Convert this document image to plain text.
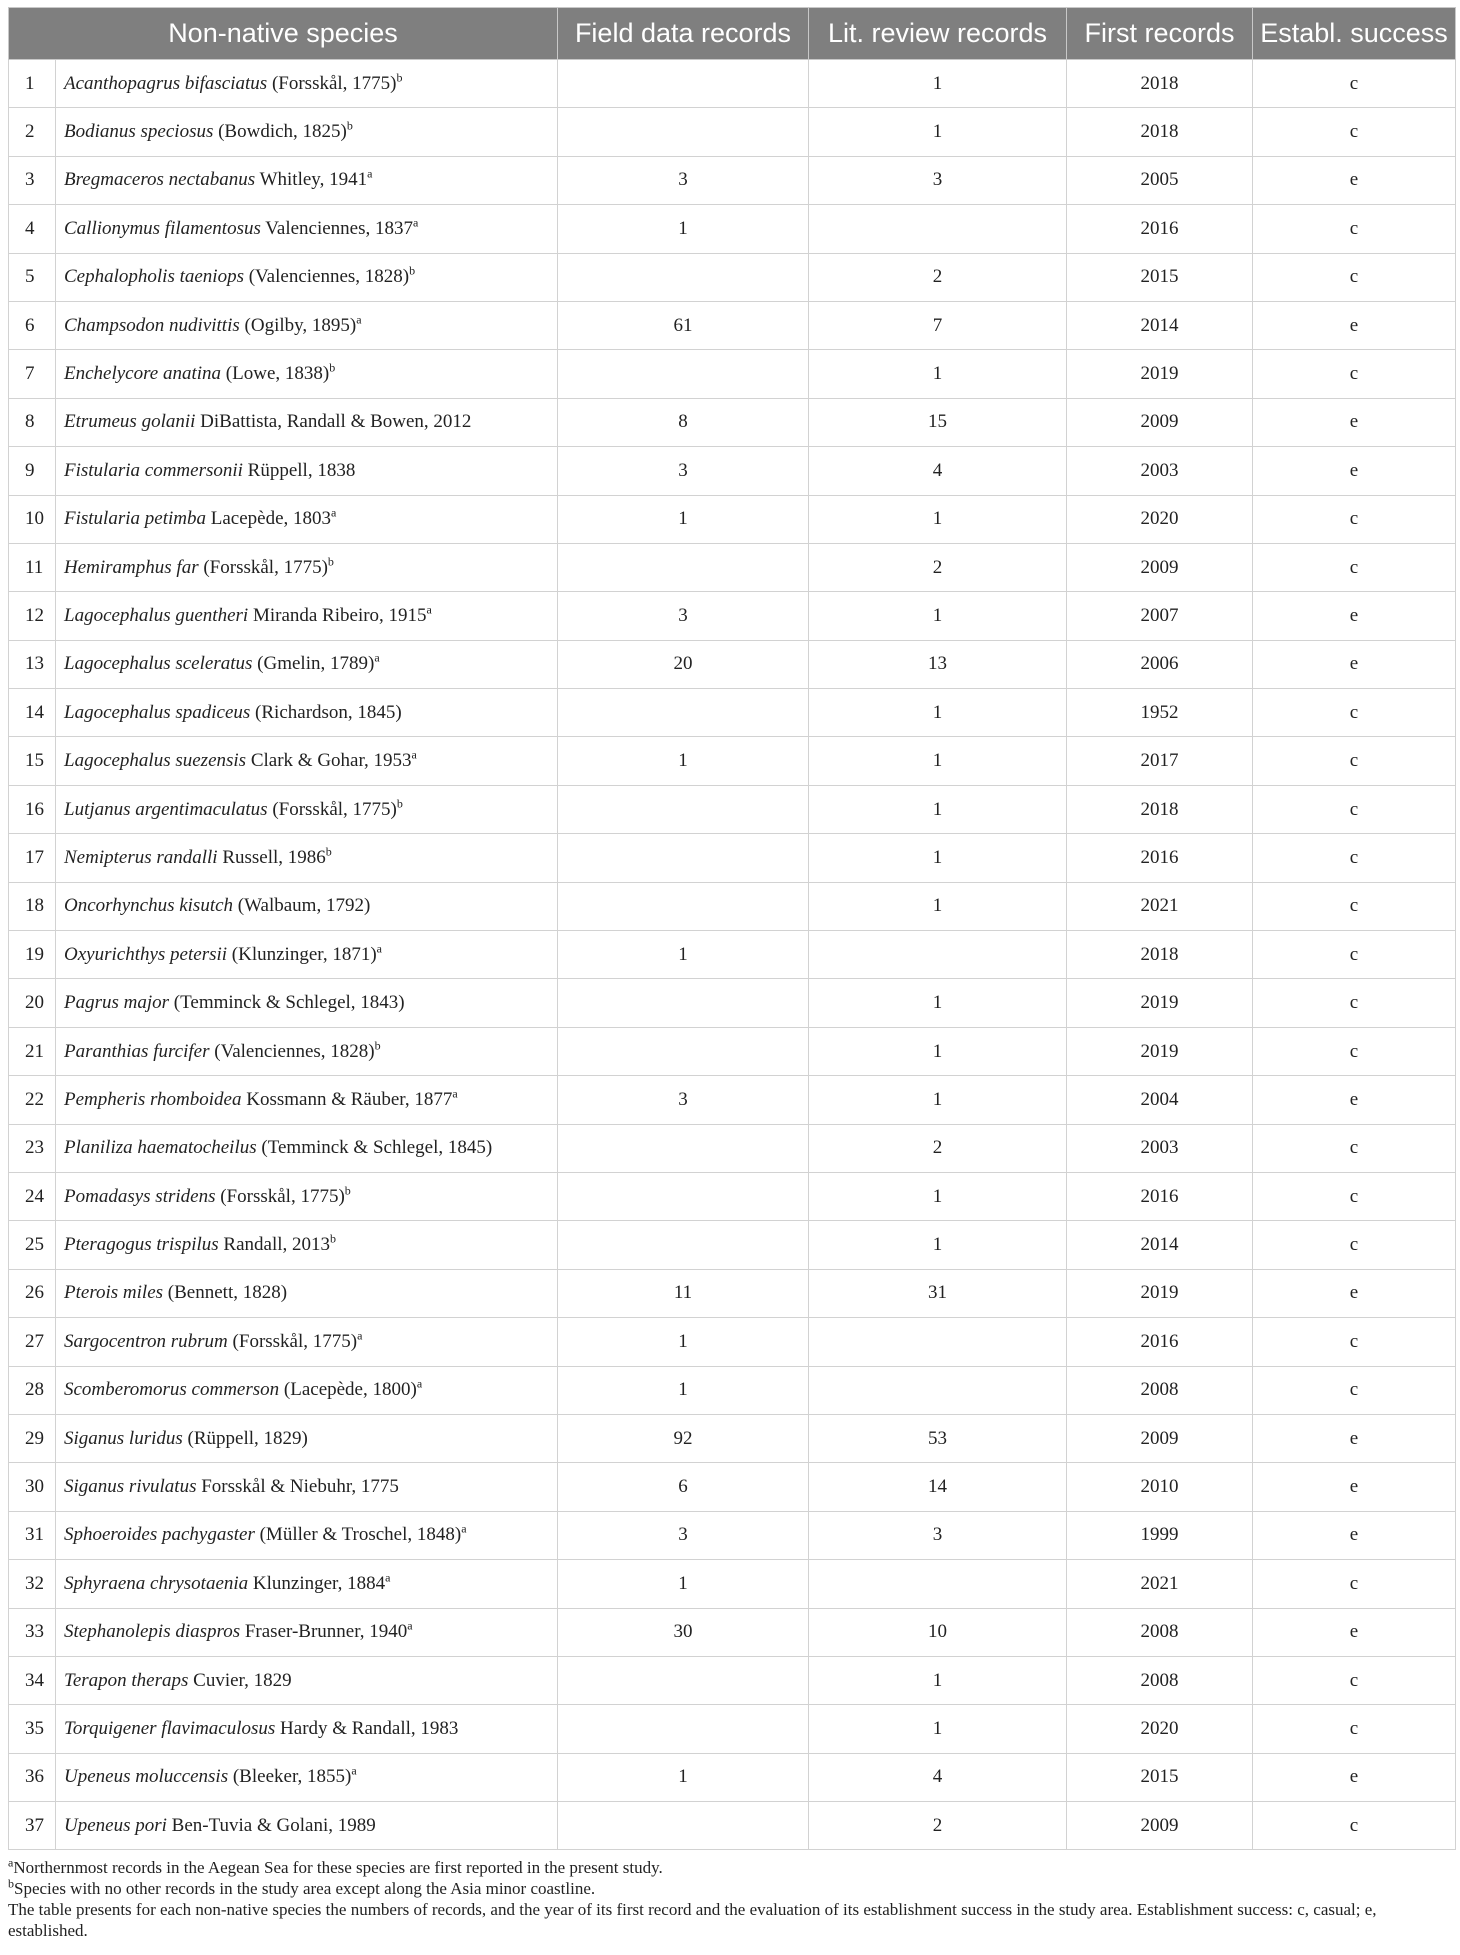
Non-native species		Field data records	Lit. review records	First records	Establ. success
1	Acanthopagrus bifasciatus (Forsskål, 1775)$^b$		1	2018	c
2	Bodianus speciosus (Bowdich, 1825)$^b$		1	2018	c
3	Bregmaceros nectabanus Whitley, 1941$^a$	3	3	2005	e
4	Callionymus filamentosus Valenciennes, 1837$^a$	1		2016	c
5	Cephalopholis taeniops (Valenciennes, 1828)$^b$		2	2015	c
6	Champsodon nudivittis (Ogilby, 1895)$^a$	61	7	2014	e
7	Enchelycore anatina (Lowe, 1838)$^b$		1	2019	c
8	Etrumeus golanii DiBattista, Randall & Bowen, 2012	8	15	2009	e
9	Fistularia commersonii Rüppell, 1838	3	4	2003	e
10	Fistularia petimba Lacepède, 1803$^a$	1	1	2020	c
11	Hemiramphus far (Forsskål, 1775)$^b$		2	2009	c
12	Lagocephalus guentheri Miranda Ribeiro, 1915$^a$	3	1	2007	e
13	Lagocephalus sceleratus (Gmelin, 1789)$^a$	20	13	2006	e
14	Lagocephalus spadiceus (Richardson, 1845)		1	1952	c
15	Lagocephalus suezensis Clark & Gohar, 1953$^a$	1	1	2017	c
16	Lutjanus argentimaculatus (Forsskål, 1775)$^b$		1	2018	c
17	Nemipterus randalli Russell, 1986$^b$		1	2016	c
18	Oncorhynchus kisutch (Walbaum, 1792)		1	2021	c
19	Oxyurichthys petersii (Klunzinger, 1871)$^a$	1		2018	c
20	Pagrus major (Temminck & Schlegel, 1843)		1	2019	c
21	Paranthias furcifer (Valenciennes, 1828)$^b$		1	2019	c
22	Pempheris rhomboidea Kossmann & Räuber, 1877$^a$	3	1	2004	e
23	Planiliza haematocheilus (Temminck & Schlegel, 1845)		2	2003	c
24	Pomadasys stridens (Forsskål, 1775)$^b$		1	2016	c
25	Pteragogus trispilus Randall, 2013$^b$		1	2014	c
26	Pterois miles (Bennett, 1828)	11	31	2019	e
27	Sargocentron rubrum (Forsskål, 1775)$^a$	1		2016	c
28	Scomberomorus commerson (Lacepède, 1800)$^a$	1		2008	c
29	Siganus luridus (Rüppell, 1829)	92	53	2009	e
30	Siganus rivulatus Forsskål & Niebuhr, 1775	6	14	2010	e
31	Sphoeroides pachygaster (Müller & Troschel, 1848)$^a$	3	3	1999	e
32	Sphyraena chrysotaenia Klunzinger, 1884$^a$	1		2021	c
33	Stephanolepis diaspros Fraser-Brunner, 1940$^a$	30	10	2008	e
34	Terapon theraps Cuvier, 1829		1	2008	c
35	Torquigener flavimaculosus Hardy & Randall, 1983		1	2020	c
36	Upeneus moluccensis (Bleeker, 1855)$^a$	1	4	2015	e
37	Upeneus pori Ben-Tuvia & Golani, 1989		2	2009	c

$^a$Northernmost records in the Aegean Sea for these species are first reported in the present study.

$^b$Species with no other records in the study area except along the Asia minor coastline.

The table presents for each non-native species the numbers of records, and the year of its first record and the evaluation of its establishment success in the study area. Establishment success: c, casual; e, established.
